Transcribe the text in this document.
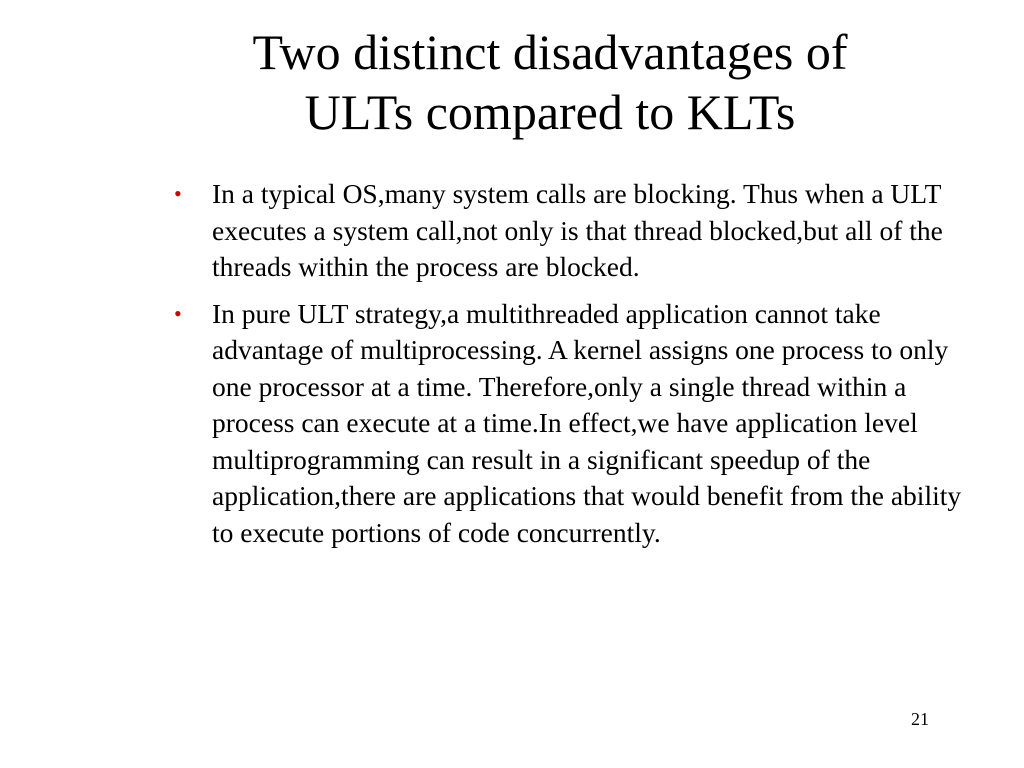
Two distinct disadvantages of
ULTs compared to KLTs
• In a typical OS,many system calls are blocking. Thus when a ULT executes a system call,not only is that thread blocked,but all of the threads within the process are blocked.
• In pure ULT strategy,a multithreaded application cannot take advantage of multiprocessing. A kernel assigns one process to only one processor at a time. Therefore,only a single thread within a process can execute at a time.In effect,we have application level multiprogramming can result in a significant speedup of the application,there are applications that would benefit from the ability to execute portions of code concurrently.
21
